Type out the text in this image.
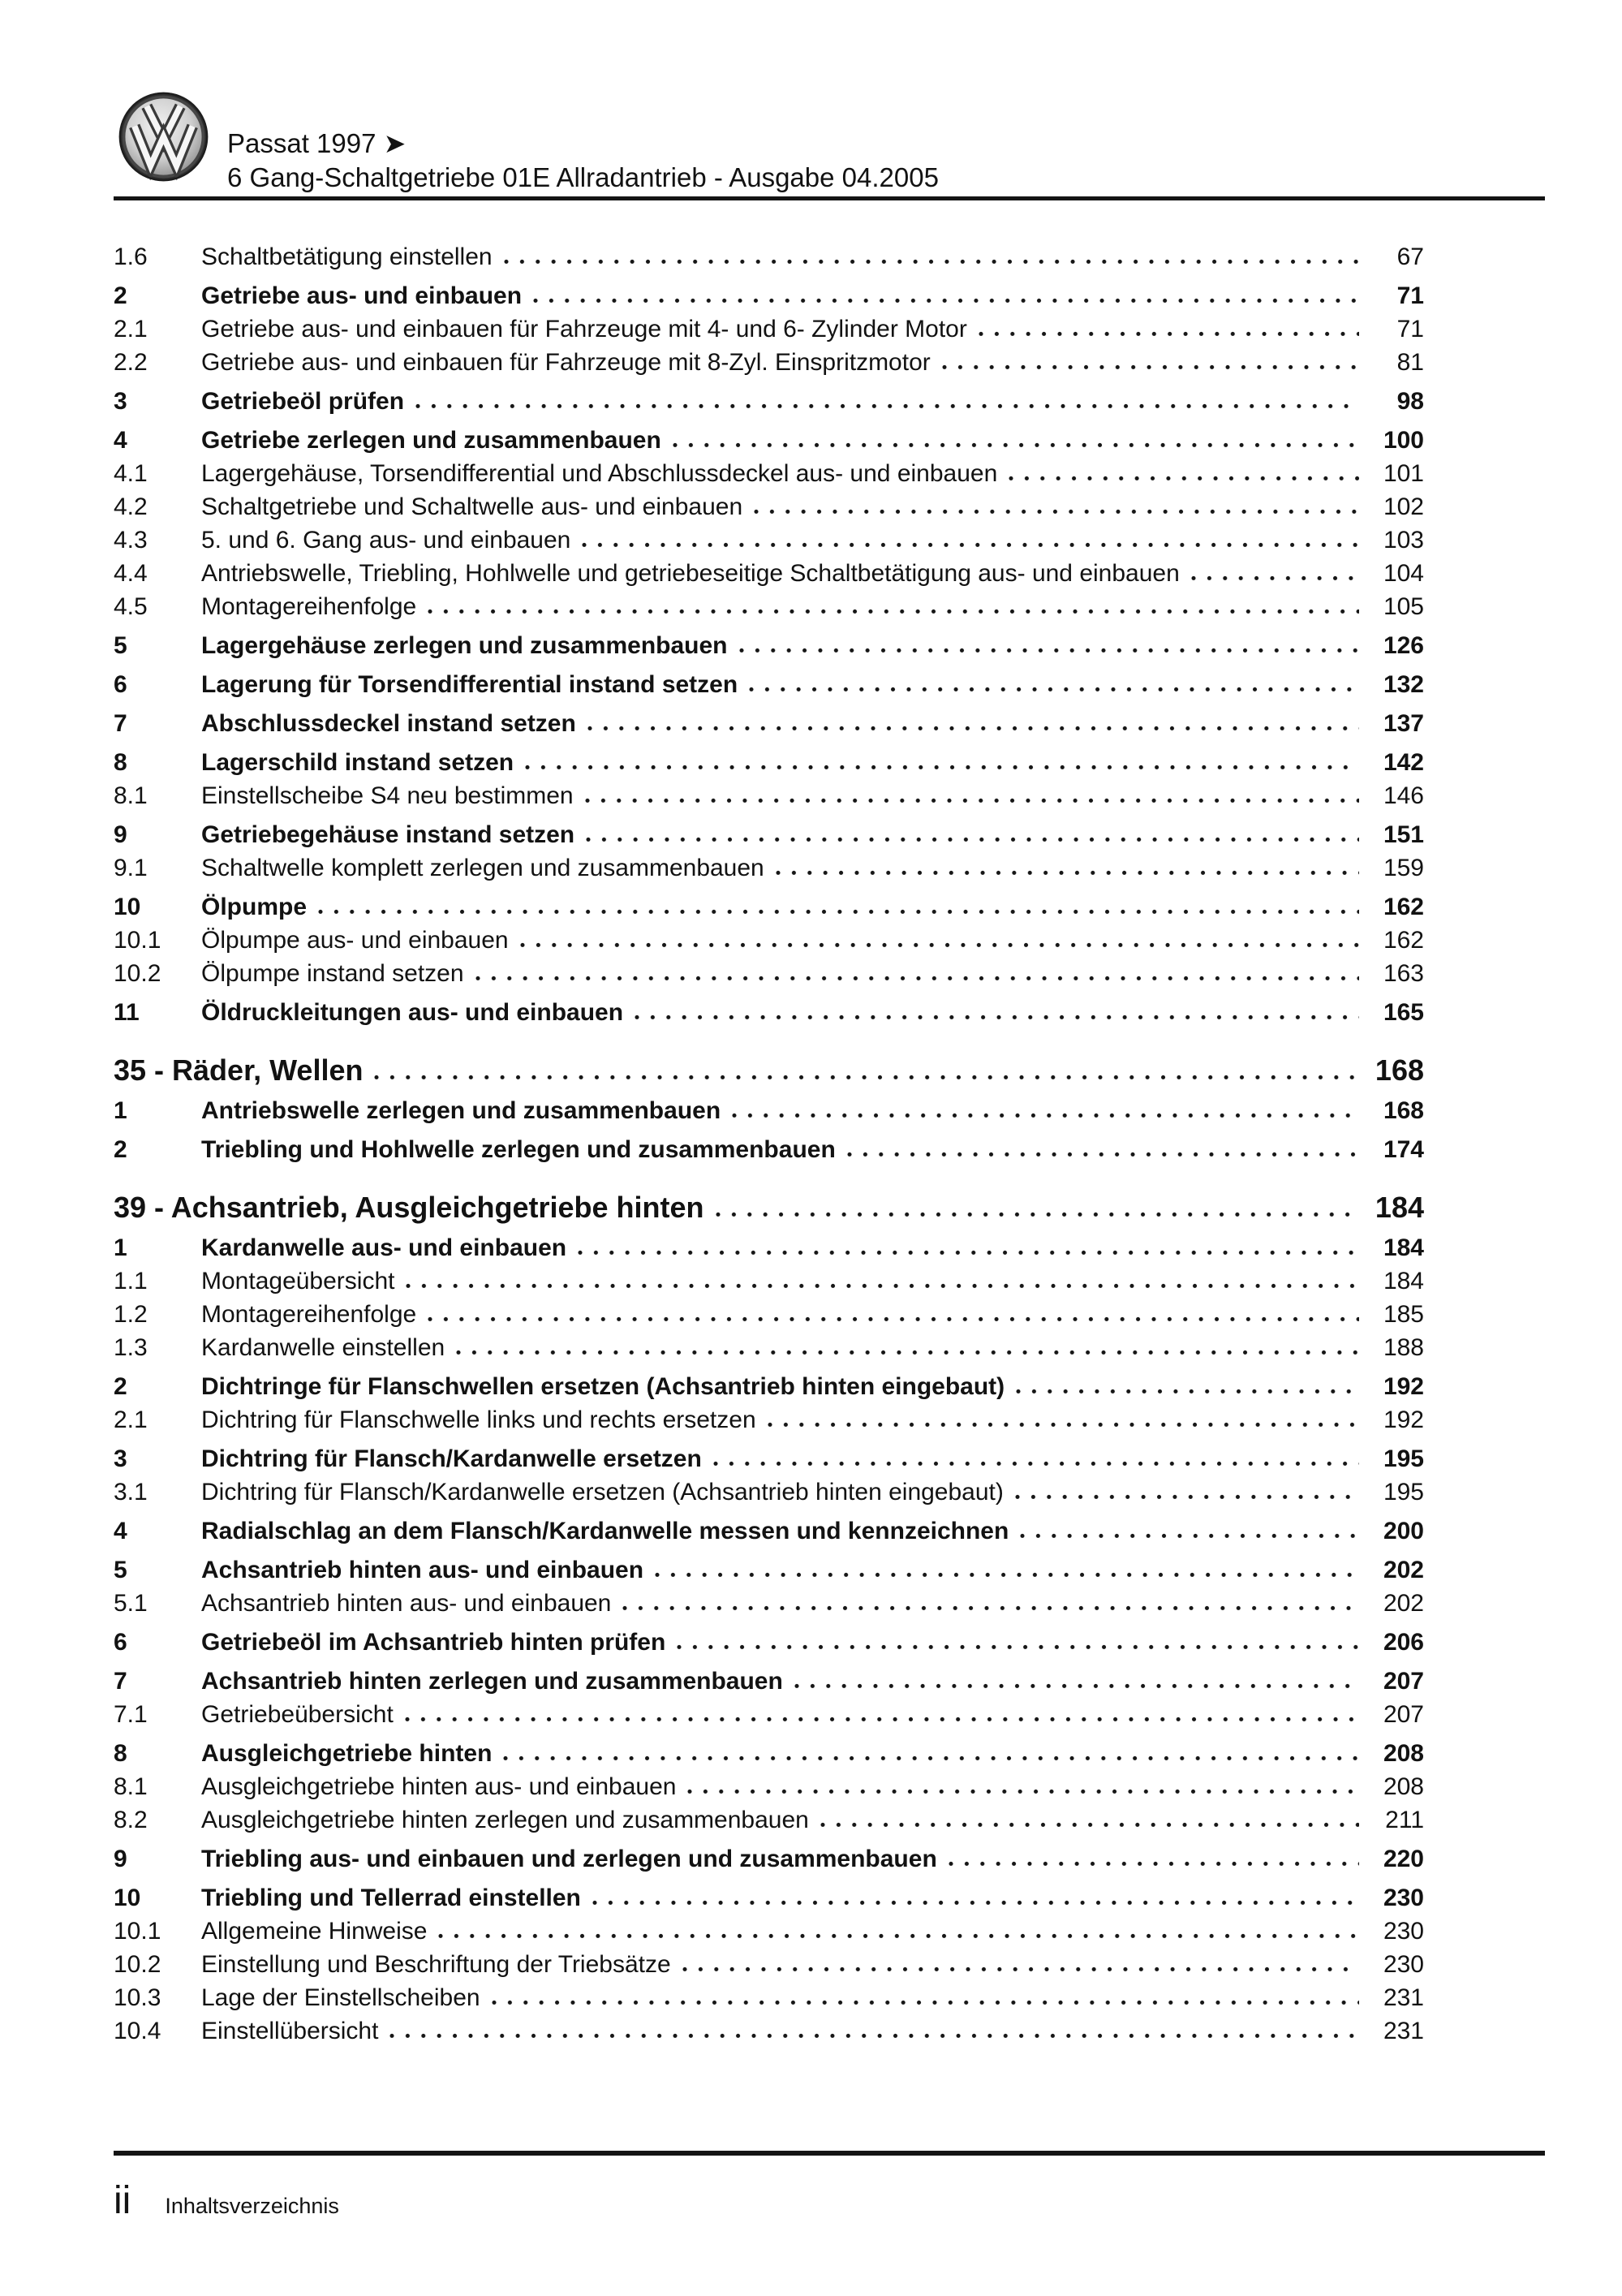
Passat 1997 ➤
6 Gang-Schaltgetriebe 01E Allradantrieb - Ausgabe 04.2005
1.6	Schaltbetätigung einstellen	67
2	Getriebe aus- und einbauen	71
2.1	Getriebe aus- und einbauen für Fahrzeuge mit 4- und 6- Zylinder Motor	71
2.2	Getriebe aus- und einbauen für Fahrzeuge mit 8-Zyl. Einspritzmotor	81
3	Getriebeöl prüfen	98
4	Getriebe zerlegen und zusammenbauen	100
4.1	Lagergehäuse, Torsendifferential und Abschlussdeckel aus- und einbauen	101
4.2	Schaltgetriebe und Schaltwelle aus- und einbauen	102
4.3	5. und 6. Gang aus- und einbauen	103
4.4	Antriebswelle, Triebling, Hohlwelle und getriebeseitige Schaltbetätigung aus- und einbauen	104
4.5	Montagereihenfolge	105
5	Lagergehäuse zerlegen und zusammenbauen	126
6	Lagerung für Torsendifferential instand setzen	132
7	Abschlussdeckel instand setzen	137
8	Lagerschild instand setzen	142
8.1	Einstellscheibe S4 neu bestimmen	146
9	Getriebegehäuse instand setzen	151
9.1	Schaltwelle komplett zerlegen und zusammenbauen	159
10	Ölpumpe	162
10.1	Ölpumpe aus- und einbauen	162
10.2	Ölpumpe instand setzen	163
11	Öldruckleitungen aus- und einbauen	165
35 - Räder, Wellen	168
1	Antriebswelle zerlegen und zusammenbauen	168
2	Triebling und Hohlwelle zerlegen und zusammenbauen	174
39 - Achsantrieb, Ausgleichgetriebe hinten	184
1	Kardanwelle aus- und einbauen	184
1.1	Montageübersicht	184
1.2	Montagereihenfolge	185
1.3	Kardanwelle einstellen	188
2	Dichtringe für Flanschwellen ersetzen (Achsantrieb hinten eingebaut)	192
2.1	Dichtring für Flanschwelle links und rechts ersetzen	192
3	Dichtring für Flansch/Kardanwelle ersetzen	195
3.1	Dichtring für Flansch/Kardanwelle ersetzen (Achsantrieb hinten eingebaut)	195
4	Radialschlag an dem Flansch/Kardanwelle messen und kennzeichnen	200
5	Achsantrieb hinten aus- und einbauen	202
5.1	Achsantrieb hinten aus- und einbauen	202
6	Getriebeöl im Achsantrieb hinten prüfen	206
7	Achsantrieb hinten zerlegen und zusammenbauen	207
7.1	Getriebeübersicht	207
8	Ausgleichgetriebe hinten	208
8.1	Ausgleichgetriebe hinten aus- und einbauen	208
8.2	Ausgleichgetriebe hinten zerlegen und zusammenbauen	211
9	Triebling aus- und einbauen und zerlegen und zusammenbauen	220
10	Triebling und Tellerrad einstellen	230
10.1	Allgemeine Hinweise	230
10.2	Einstellung und Beschriftung der Triebsätze	230
10.3	Lage der Einstellscheiben	231
10.4	Einstellübersicht	231
ii Inhaltsverzeichnis
